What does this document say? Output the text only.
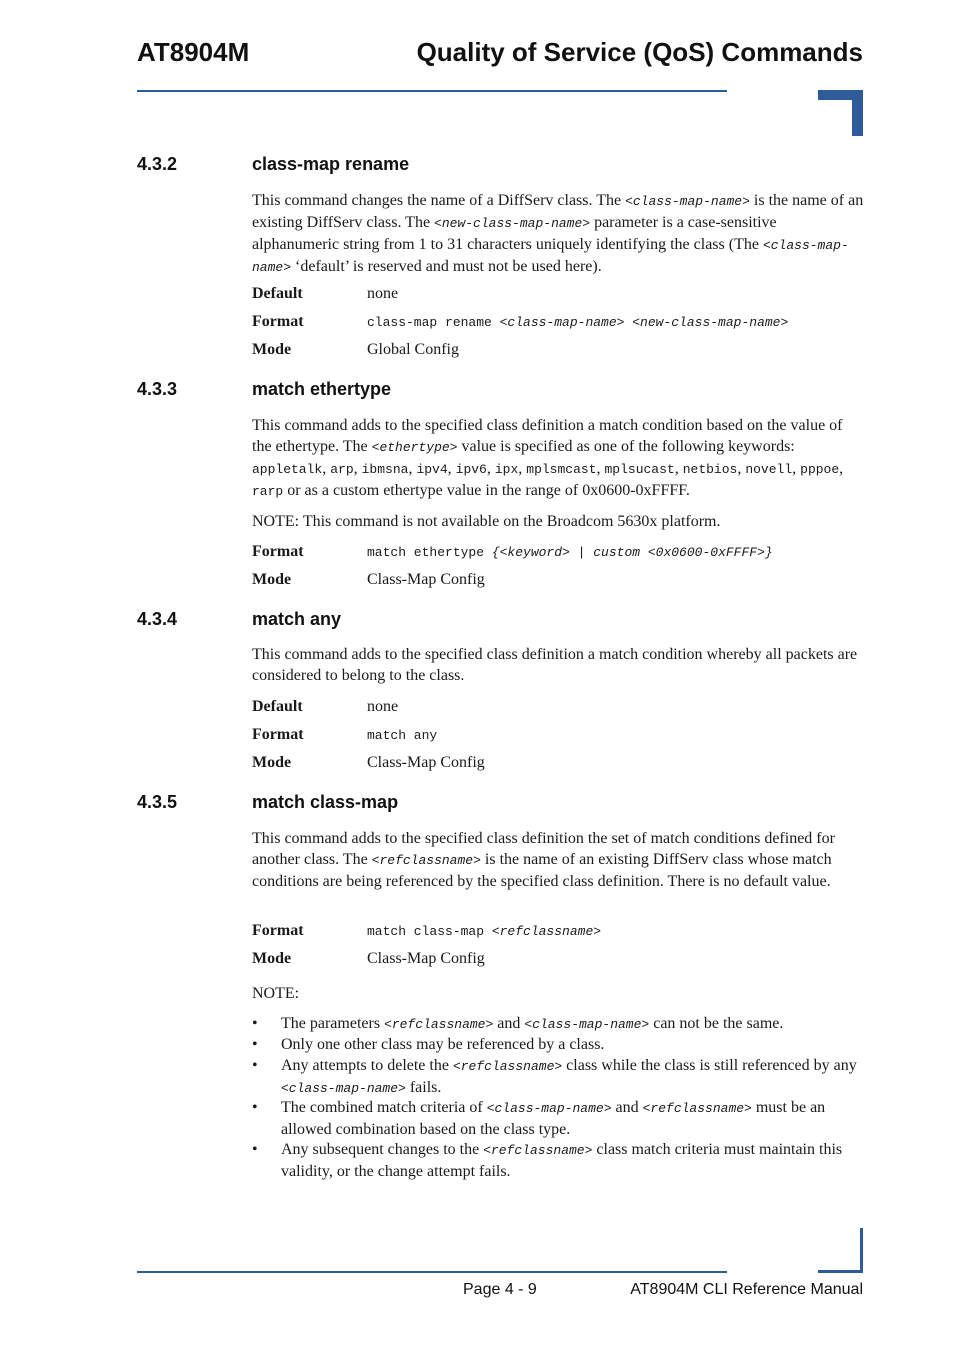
AT8904M	Quality of Service (QoS) Commands
4.3.2	class-map rename
This command changes the name of a DiffServ class. The <class-map-name> is the name of an existing DiffServ class. The <new-class-map-name> parameter is a case-sensitive alphanumeric string from 1 to 31 characters uniquely identifying the class (The <class-map-name> ‘default’ is reserved and must not be used here).
Default	none
Format	class-map rename <class-map-name> <new-class-map-name>
Mode	Global Config
4.3.3	match ethertype
This command adds to the specified class definition a match condition based on the value of the ethertype. The <ethertype> value is specified as one of the following keywords: appletalk, arp, ibmsna, ipv4, ipv6, ipx, mplsmcast, mplsucast, netbios, novell, pppoe, rarp or as a custom ethertype value in the range of 0x0600-0xFFFF.
NOTE: This command is not available on the Broadcom 5630x platform.
Format	match ethertype {<keyword> | custom <0x0600-0xFFFF>}
Mode	Class-Map Config
4.3.4	match any
This command adds to the specified class definition a match condition whereby all packets are considered to belong to the class.
Default	none
Format	match any
Mode	Class-Map Config
4.3.5	match class-map
This command adds to the specified class definition the set of match conditions defined for another class. The <refclassname> is the name of an existing DiffServ class whose match conditions are being referenced by the specified class definition. There is no default value.
Format	match class-map <refclassname>
Mode	Class-Map Config
NOTE:
• The parameters <refclassname> and <class-map-name> can not be the same.
• Only one other class may be referenced by a class.
• Any attempts to delete the <refclassname> class while the class is still referenced by any <class-map-name> fails.
• The combined match criteria of <class-map-name> and <refclassname> must be an allowed combination based on the class type.
• Any subsequent changes to the <refclassname> class match criteria must maintain this validity, or the change attempt fails.
Page 4 - 9	AT8904M CLI Reference Manual
